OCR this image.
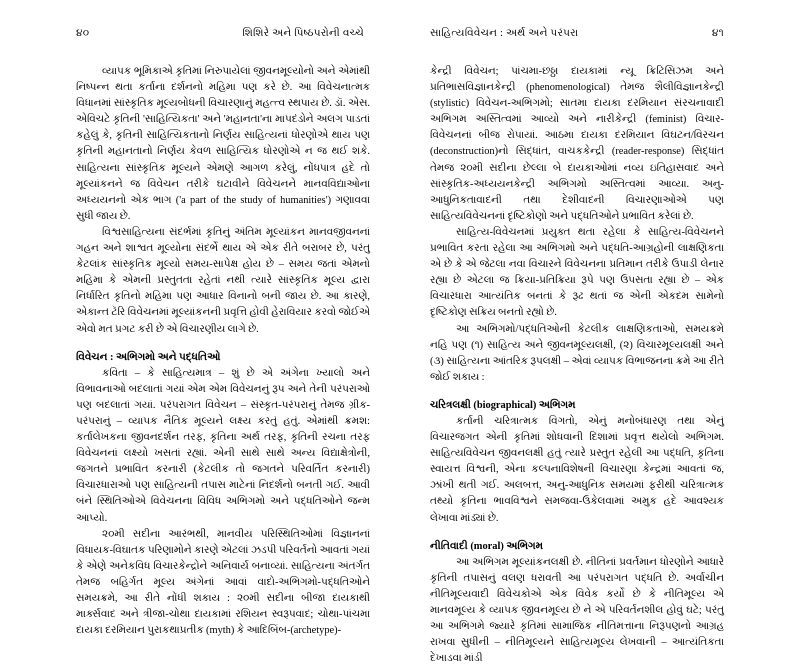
૪૦	શિશિરે અને પિષ્ઠપરોની વચ્ચે

વ્યાપક ભૂમિકાએ કૃતિમાં નિરુપાયેલાં જીવનમૂલ્યોનો અને એમાંથી નિષ્પન્ન થતા કર્તાના દર્શનનો મહિમા પણ કરે છે. આ વિવેચનાત્મક વિધાનમાં સાંસ્કૃતિક મૂલ્યબોધની વિચારણાનું મહત્ત્વ સ્થપાય છે. ડૉ. એસ. એવિચટે કૃતિની 'સાહિત્યિકતા' અને 'મહાનતા'ના માપદંડોને અલગ પાડતાં કહેલું કે, કૃતિની સાહિત્યિકતાનો નિર્ણય સાહિત્યનાં ધોરણોએ થાય પણ કૃતિની મહાનતાનો નિર્ણય કેવળ સાહિત્યિક ધોરણોએ ન જ થઈ શકે. સાહિત્યના સાંસ્કૃતિક મૂલ્યને એમણે આગળ કરેલું, નોંધપાત્ર હદે તો મૂલ્યાંકનને જ વિવેચન તરીકે ઘટાવીને વિવેચનને માનવવિદ્યાઓના અધ્યયનનો એક ભાગ ('a part of the study of humanities') ગણાવવા સુધી જાય છે.

વિશ્વસાહિત્યના સંદર્ભમાં કૃતિનું અંતિમ મૂલ્યાંકન માનવજીવનનાં ગહન અને શાશ્વત મૂલ્યોના સંદર્ભે થાય એ એક રીતે બરાબર છે, પરંતુ કેટલાંક સાંસ્કૃતિક મૂલ્યો સમય-સાપેક્ષ હોય છે – સમય જતાં એમનો મહિમા કે એમની પ્રસ્તુતતા રહેતાં નથી ત્યારે સાંસ્કૃતિક મૂલ્ય દ્વારા નિર્ધારિત કૃતિનો મહિમા પણ આધાર વિનાનો બની જાય છે. આ કારણે, એકાન્ત ટૅરિ વિવેચનમાં મૂલ્યાંકનની પ્રવૃત્તિ હોવી હેરાવિયાર કરવો જોઈએ એવો મત પ્રગટ કરી છે એ વિચારણીય લાગે છે.

વિવેચન : અભિગમો અને પદ્ધતિઓ

કવિતા – કે સાહિત્યમાત્ર – શું છે એ અંગેના ખ્યાલો અને વિભાવનાઓ બદલાતાં ગયાં એમ એમ વિવેચનનું રૂપ અને તેની પરંપરાઓ પણ બદલાતાં ગયાં. પરંપરાગત વિવેચન – સંસ્કૃત-પરંપરાનું તેમજ ગ્રીક-પરંપરાનું – વ્યાપક નૈતિક મૂલ્યને લક્ષ્ય કરતું હતું. એમાંથી ક્રમશ: કર્તાલેખકના જીવનદર્શન તરફ, કૃતિના અર્થ તરફ, કૃતિની રચના તરફ વિવેચનનાં લક્ષ્યો ખસતાં રહ્યાં. એની સાથે સાથે અન્ય વિદ્યાક્ષેત્રોની, જગતને પ્રભાવિત કરનારી (કેટલીક તો જગતને પરિવર્તિત કરનારી) વિચારધારાઓ પણ સાહિત્યની તપાસ માટેનાં નિદર્શનો બનતી ગઈ. આવી બંને સ્થિતિઓએ વિવેચનના વિવિધ અભિગમો અને પદ્ધતિઓને જન્મ આપ્યો.

૨૦મી સદીના આરંભથી, માનવીય પરિસ્થિતિઓમાં વિજ્ઞાનનાં વિધાયક-વિઘાતક પરિણામોને કારણે એટલાં ઝડપી પરિવર્તનો આવતાં ગયાં કે એણે અનેકવિધ વિચારકેન્દ્રોને અનિવાર્ય બનાવ્યાં. સાહિત્યના અંતર્ગત તેમજ બહિર્ગત મૂલ્ય અંગેનાં આવાં વાદો-અભિગમો-પદ્ધતિઓને સમયક્રમે, આ રીતે નોંધી શકાય : ૨૦મી સદીના બીજા દાયકાથી માર્ક્સવાદ અને ત્રીજા-ચોથા દાયકામાં રશિયન સ્વરૂપવાદ; ચોથા-પાંચમા દાયકા દરમિયાન પુરાકથાપ્રતીક (myth) કે આદિબિંબ-(archetype)-

સાહિત્યવિવેચન : અર્થ અને પરંપરા	૪૧

કેન્દ્રી વિવેચન; પાંચમા-છઠ્ઠા દાયકામાં ન્યૂ ક્રિટિસિઝમ અને પ્રતિભાસવિજ્ઞાનકેન્દ્રી (phenomenological) તેમજ શૈલીવિજ્ઞાનકેન્દ્રી (stylistic) વિવેચન-અભિગમો; સાતમા દાયકા દરમિયાન સંરચનાવાદી અભિગમ અસ્તિત્વમાં આવ્યો અને નારીકેન્દ્રી (feminist) વિચાર-વિવેચનનાં બીજ રોપાયાં. આઠમા દાયકા દરમિયાન વિઘટન/વિરચન (deconstruction)નો સિદ્ધાંત, વાચકકેન્દ્રી (reader-response) સિદ્ધાંત તેમજ ૨૦મી સદીના છેલ્લા બે દાયકાઓમાં નવ્ય ઇતિહાસવાદ અને સાંસ્કૃતિક-અધ્યયનકેન્દ્રી અભિગમો અસ્તિત્વમાં આવ્યા. અનુ-આધુનિકતાવાદની તથા દેશીવાદની વિચારણાઓએ પણ સાહિત્યવિવેચનનાં દૃષ્ટિકોણો અને પદ્ધતિઓને પ્રભાવિત કરેલાં છે.

સાહિત્ય-વિવેચનમાં પ્રયુક્ત થતા રહેલા કે સાહિત્ય-વિવેચનને પ્રભાવિત કરતા રહેલા આ અભિગમો અને પદ્ધતિ-આગ્રહોની લાક્ષણિકતા એ છે કે એ જેટલા નવા વિચારને વિવેચનના પ્રતિમાન તરીકે ઉપાડી લેનાર રહ્યા છે એટલા જ ક્રિયા-પ્રતિક્રિયા રૂપે પણ ઉપસતા રહ્યા છે – એક વિચારધારા આત્યંતિક બનતાં કે રૂઢ થતાં જ એની એકદમ સામેનો દૃષ્ટિકોણ સક્રિય બનતો રહ્યો છે.

આ અભિગમો/પદ્ધતિઓની કેટલીક લાક્ષણિકતાઓ, સમયક્રમે નહિ પણ (૧) સાહિત્ય અને જીવનમૂલ્યલક્ષી, (૨) વિચારમૂલ્યલક્ષી અને (૩) સાહિત્યના આંતરિક રૂપલક્ષી – એવાં વ્યાપક વિભાજનના ક્રમે આ રીતે જોઈ શકાય :

ચરિત્રલક્ષી (biographical) અભિગમ

કર્તાની ચરિત્રાત્મક વિગતો, એનું મનોબંધારણ તથા એનું વિચારજગત એની કૃતિમાં શોધવાની દિશામાં પ્રવૃત્ત થયેલો અભિગમ. સાહિત્યવિવેચન જીવનલક્ષી હતું ત્યારે પ્રસ્તુત રહેલી આ પદ્ધતિ, કૃતિના સ્વાયત્ત વિશ્વની, એના કલ્પનાવિશેષની વિચારણા કેન્દ્રમાં આવતાં જ, ઝાંખી થતી ગઈ. અલબત્ત, અનુ-આધુનિક સમયમાં ફરીથી ચરિત્રાત્મક તથ્યો કૃતિના ભાવવિશ્વને સમજવા-ઉકેલવામાં અમુક હદે આવશ્યક લેખાવા માંડ્યાં છે.

નીતિવાદી (moral) અભિગમ

આ અભિગમ મૂલ્યાંકનલક્ષી છે. નીતિનાં પ્રવર્તમાન ધોરણોને આધારે કૃતિની તપાસનું વલણ ધરાવતી આ પરંપરાગત પદ્ધતિ છે. અર્વાચીન નીતિમૂલ્યવાદી વિવેચકોએ એક વિવેક કર્યો છે કે નીતિમૂલ્ય એ માનવમૂલ્ય કે વ્યાપક જીવનમૂલ્ય છે ને એ પરિવર્તનશીલ હોવું ઘટે; પરંતુ આ અભિગમે જ્યારે કૃતિમાં સામાજિક નીતિમત્તાના નિરૂપણનો આગ્રહ રાખવા સુધીની – નીતિમૂલ્યને સાહિત્યમૂલ્ય લેખવાની – આત્યંતિકતા દેખાડવા માંડી
